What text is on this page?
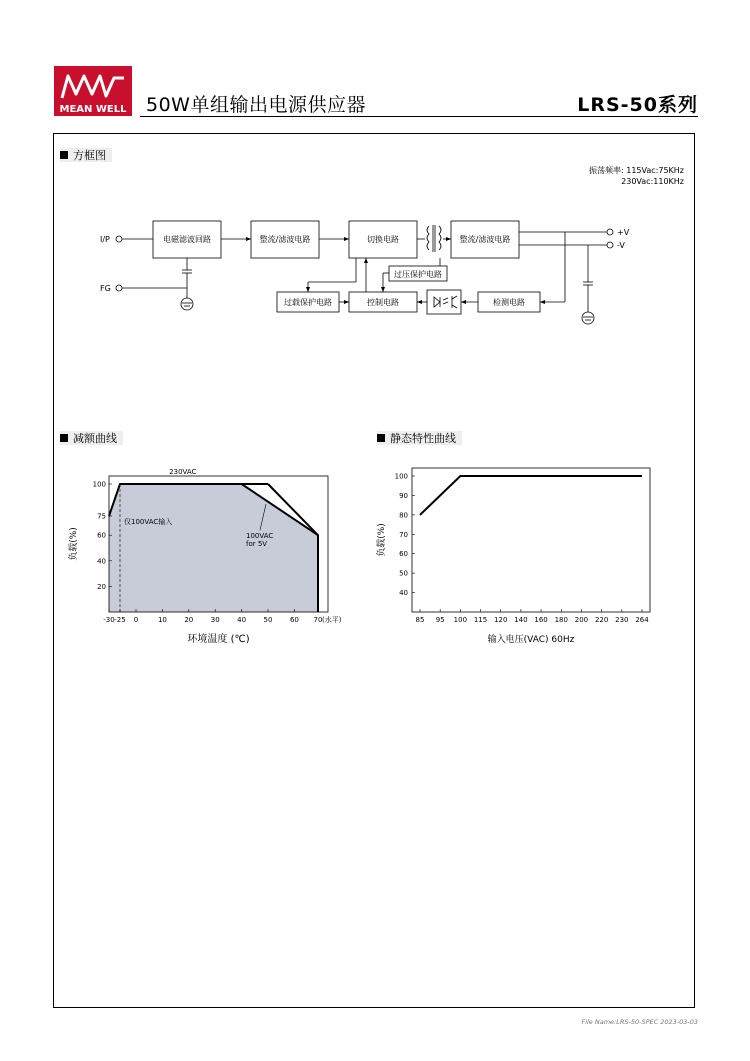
MEAN WELL 50W单组输出电源供应器	LRS-50系列
方框图
振荡频率: 115Vac:75KHz
230Vac:110KHz
I/P
FG
+V
-V
电磁滤波回路	整流/滤波电路	切换电路	整流/滤波电路
过压保护电路
过载保护电路	控制电路	检测电路
减额曲线	静态特性曲线
20
40
60
75
100
-30 -25 0	10 20 30 40 50 60 70 (水平)
230VAC
仅100VAC输入
100VAC
for 5V
负载(%)
环境温度 (℃)
40
50
60
70
80
90
100
85 95 100 115 120 140 160 180 200 220 230 264
负载(%)
输入电压(VAC) 60Hz
File Name:LRS-50-SPEC 2023-03-03
